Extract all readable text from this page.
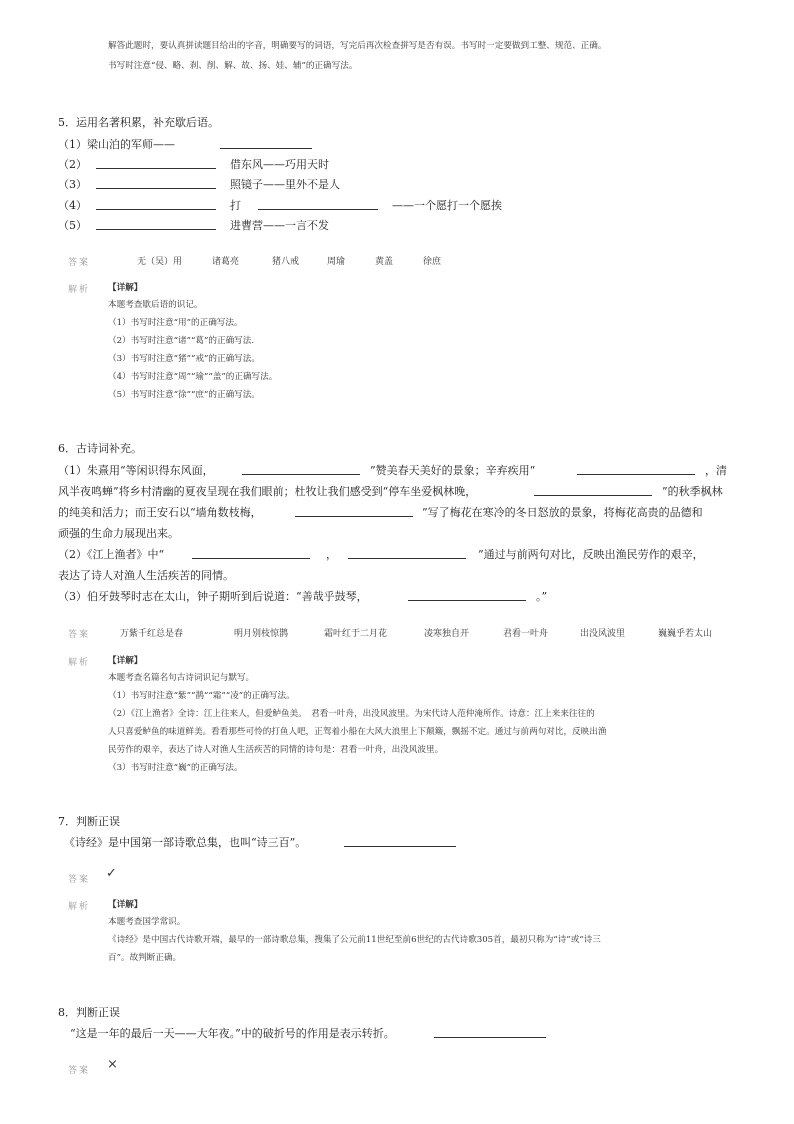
解答此题时，要认真拼读题目给出的字音，明确要写的词语，写完后再次检查拼写是否有误。书写时一定要做到工整、规范、正确。
书写时注意“侵、略、刹、削、解、故、扬、娃、辅”的正确写法。
5．运用名著积累，补充歇后语。
（1）梁山泊的军师——
（2）	借东风——巧用天时
（3）	照镜子——里外不是人
（4）	打	——一个愿打一个愿挨
（5）	进曹营——一言不发
答案	无（吴）用	诸葛亮	猪八戒	周瑜	黄盖	徐庶
解析 【详解】
本题考查歇后语的识记。
（1）书写时注意“用”的正确写法。
（2）书写时注意“诸”“葛”的正确写法.
（3）书写时注意“猪”“戒”的正确写法。
（4）书写时注意“周”“瑜”“盖”的正确写法。
（5）书写时注意“徐”“庶”的正确写法。
6．古诗词补充。
（1）朱熹用“等闲识得东风面，	”赞美春天美好的景象；辛弃疾用“	，清
风半夜鸣蝉”将乡村清幽的夏夜呈现在我们眼前；杜牧让我们感受到“停车坐爱枫林晚，	”的秋季枫林
的纯美和活力；而王安石以“墙角数枝梅，	”写了梅花在寒冷的冬日怒放的景象，将梅花高贵的品德和
顽强的生命力展现出来。
（2）《江上渔者》中“	，	”通过与前两句对比，反映出渔民劳作的艰辛，
表达了诗人对渔人生活疾苦的同情。
（3）伯牙鼓琴时志在太山，钟子期听到后说道：“善哉乎鼓琴，	。”
答案	万紫千红总是春	明月别枝惊鹊	霜叶红于二月花	凌寒独自开	君看一叶舟	出没风波里	巍巍乎若太山
解析 【详解】
本题考查名篇名句古诗词识记与默写。
（1）书写时注意“紫”“鹊”“霜”“凌”的正确写法。
（2）《江上渔者》全诗：江上往来人，但爱鲈鱼美。　君看一叶舟，出没风波里。为宋代诗人范仲淹所作。诗意：江上来来往往的
人只喜爱鲈鱼的味道鲜美。看看那些可怜的打鱼人吧，正驾着小船在大风大浪里上下颠簸，飘摇不定。通过与前两句对比，反映出渔
民劳作的艰辛，表达了诗人对渔人生活疾苦的同情的诗句是：君看一叶舟，出没风波里。
（3）书写时注意“巍”的正确写法。
7．判断正误
《诗经》是中国第一部诗歌总集，也叫“诗三百”。
答案 ✓
解析 【详解】
本题考查国学常识。
《诗经》是中国古代诗歌开端，最早的一部诗歌总集，搜集了公元前11世纪至前6世纪的古代诗歌305首，最初只称为“诗”或“诗三
百”。故判断正确。
8．判断正误
“这是一年的最后一天——大年夜。”中的破折号的作用是表示转折。
答案 ×
